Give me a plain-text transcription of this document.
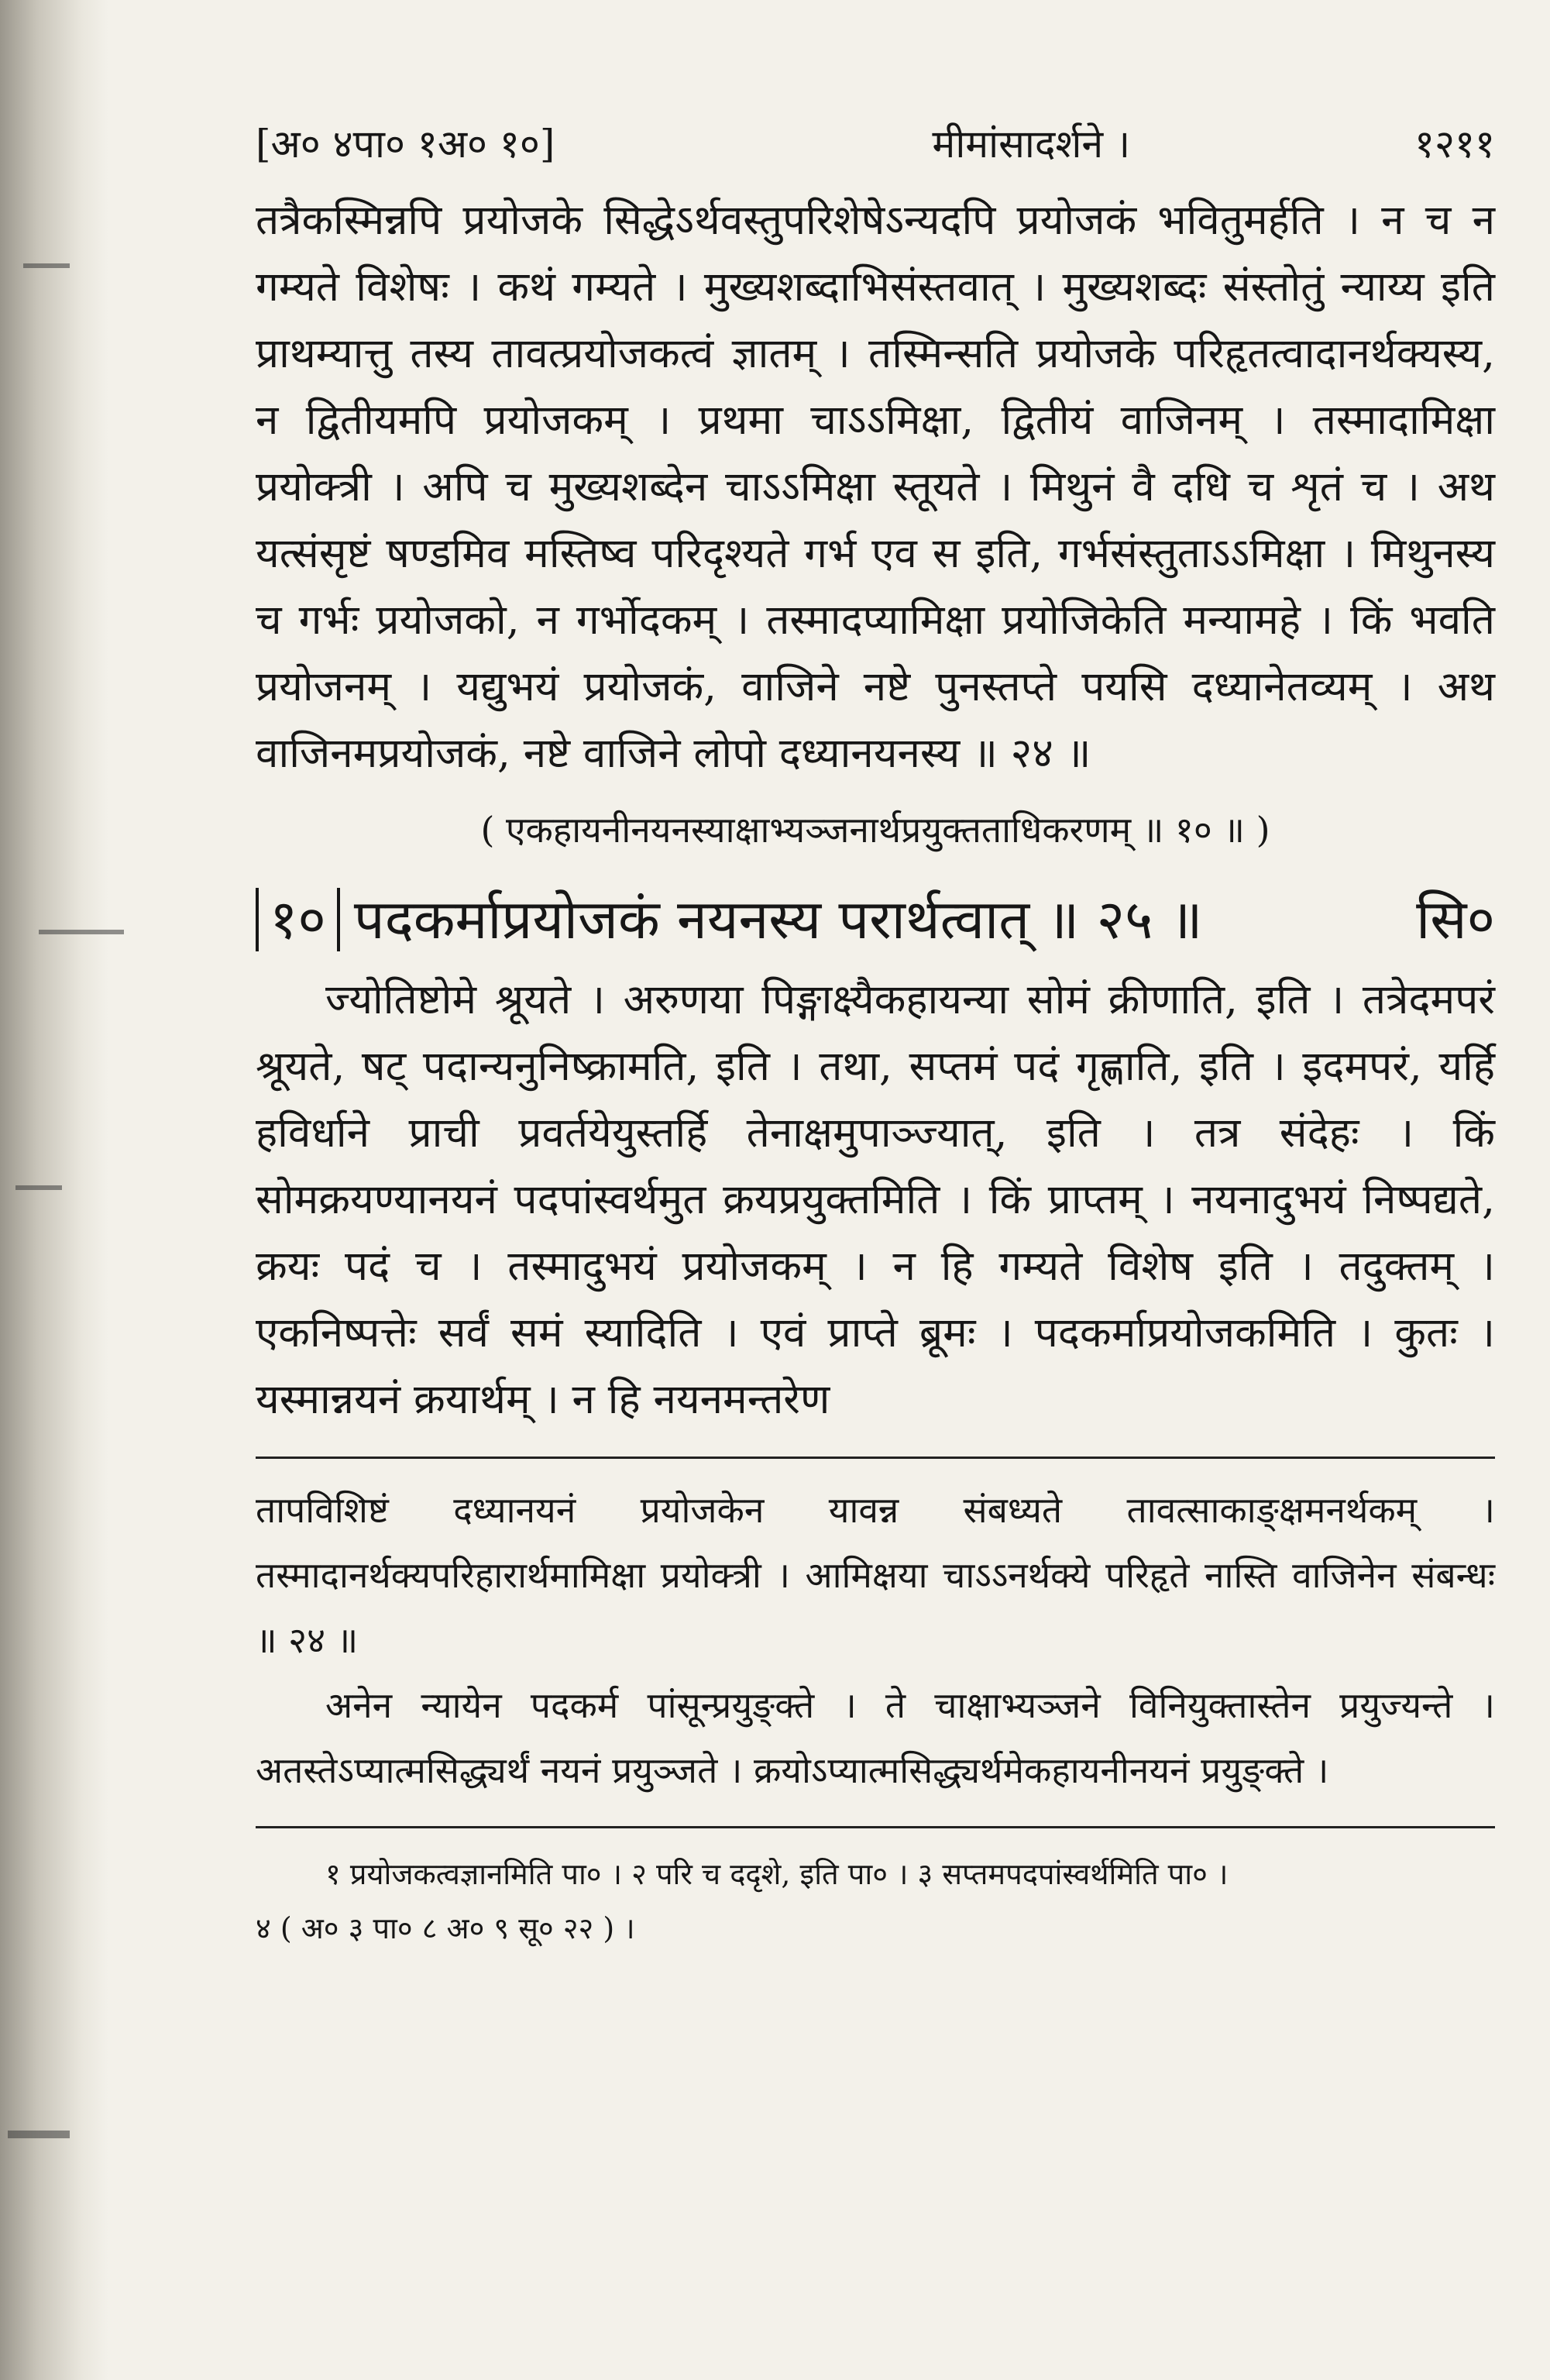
[अ० ४पा० १अ० १०]	मीमांसादर्शने ।	१२११

तत्रैकस्मिन्नपि प्रयोजके सिद्धेऽर्थवस्तुपरिशेषेऽन्यदपि प्रयोजकं भवितुमर्हति । न च न गम्यते विशेषः । कथं गम्यते । मुख्यशब्दाभिसंस्तवात् । मुख्यशब्दः संस्तोतुं न्याय्य इति प्राथम्यात्तु तस्य तावत्प्रयोजकत्वं ज्ञातम् । तस्मिन्सति प्रयोजके परिहृतत्वादानर्थक्यस्य, न द्वितीयमपि प्रयोजकम् । प्रथमा चाऽऽमिक्षा, द्वितीयं वाजिनम् । तस्मादामिक्षा प्रयोक्त्री । अपि च मुख्यशब्देन चाऽऽमिक्षा स्तूयते । मिथुनं वै दधि च शृतं च । अथ यत्संसृष्टं षण्डमिव मस्तिष्व परिदृश्यते गर्भ एव स इति, गर्भसंस्तुताऽऽमिक्षा । मिथुनस्य च गर्भः प्रयोजको, न गर्भोदकम् । तस्मादप्यामिक्षा प्रयोजिकेति मन्यामहे । किं भवति प्रयोजनम् । यद्युभयं प्रयोजकं, वाजिने नष्टे पुनस्तप्ते पयसि दध्यानेतव्यम् । अथ वाजिनमप्रयोजकं, नष्टे वाजिने लोपो दध्यानयनस्य ॥ २४ ॥

( एकहायनीनयनस्याक्षाभ्यञ्जनार्थप्रयुक्तताधिकरणम् ॥ १० ॥ )

१० पदकर्माप्रयोजकं नयनस्य परार्थत्वात् ॥ २५ ॥	सि०

ज्योतिष्टोमे श्रूयते । अरुणया पिङ्गाक्ष्यैकहायन्या सोमं क्रीणाति, इति । तत्रेदमपरं श्रूयते, षट् पदान्यनुनिष्क्रामति, इति । तथा, सप्तमं पदं गृह्णाति, इति । इदमपरं, यर्हि हविर्धाने प्राची प्रवर्तयेयुस्तर्हि तेनाक्षमुपाञ्ज्यात्, इति । तत्र संदेहः । किं सोमक्रयण्यानयनं पदपांस्वर्थमुत क्रयप्रयुक्तमिति । किं प्राप्तम् । नयनादुभयं निष्पद्यते, क्रयः पदं च । तस्मादुभयं प्रयोजकम् । न हि गम्यते विशेष इति । तदुक्तम् । एकनिष्पत्तेः सर्वं समं स्यादिति । एवं प्राप्ते ब्रूमः । पदकर्माप्रयोजकमिति । कुतः । यस्मान्नयनं क्रयार्थम् । न हि नयनमन्तरेण

तापविशिष्टं दध्यानयनं प्रयोजकेन यावन्न संबध्यते तावत्साकाङ्क्षमनर्थकम् । तस्मादानर्थक्यपरिहारार्थमामिक्षा प्रयोक्त्री । आमिक्षया चाऽऽनर्थक्ये परिहृते नास्ति वाजिनेन संबन्धः ॥ २४ ॥

अनेन न्यायेन पदकर्म पांसून्प्रयुङ्क्ते । ते चाक्षाभ्यञ्जने विनियुक्तास्तेन प्रयुज्यन्ते । अतस्तेऽप्यात्मसिद्ध्यर्थं नयनं प्रयुञ्जते । क्रयोऽप्यात्मसिद्ध्यर्थमेकहायनीनयनं प्रयुङ्क्ते ।

१ प्रयोजकत्वज्ञानमिति पा० । २ परि च ददृशे, इति पा० । ३ सप्तमपदपांस्वर्थमिति पा० ।

४ ( अ० ३ पा० ८ अ० ९ सू० २२ ) ।
